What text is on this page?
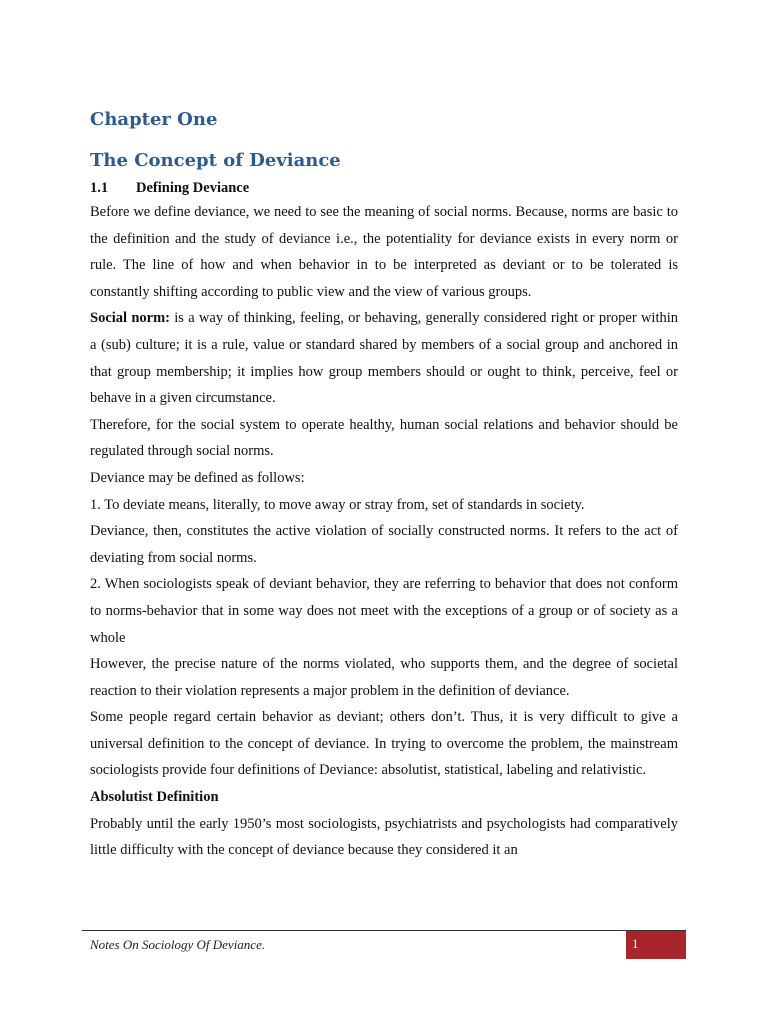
Chapter One
The Concept of Deviance
1.1 Defining Deviance

Before we define deviance, we need to see the meaning of social norms. Because, norms are basic to the definition and the study of deviance i.e., the potentiality for deviance exists in every norm or rule. The line of how and when behavior in to be interpreted as deviant or to be tolerated is constantly shifting according to public view and the view of various groups.

Social norm: is a way of thinking, feeling, or behaving, generally considered right or proper within a (sub) culture; it is a rule, value or standard shared by members of a social group and anchored in that group membership; it implies how group members should or ought to think, perceive, feel or behave in a given circumstance.

Therefore, for the social system to operate healthy, human social relations and behavior should be regulated through social norms.

Deviance may be defined as follows:

1. To deviate means, literally, to move away or stray from, set of standards in society.

Deviance, then, constitutes the active violation of socially constructed norms. It refers to the act of deviating from social norms.

2. When sociologists speak of deviant behavior, they are referring to behavior that does not conform to norms-behavior that in some way does not meet with the exceptions of a group or of society as a whole

However, the precise nature of the norms violated, who supports them, and the degree of societal reaction to their violation represents a major problem in the definition of deviance.

Some people regard certain behavior as deviant; others don’t. Thus, it is very difficult to give a universal definition to the concept of deviance. In trying to overcome the problem, the mainstream sociologists provide four definitions of Deviance: absolutist, statistical, labeling and relativistic.

Absolutist Definition

Probably until the early 1950’s most sociologists, psychiatrists and psychologists had comparatively little difficulty with the concept of deviance because they considered it an

Notes On Sociology Of Deviance.	1
